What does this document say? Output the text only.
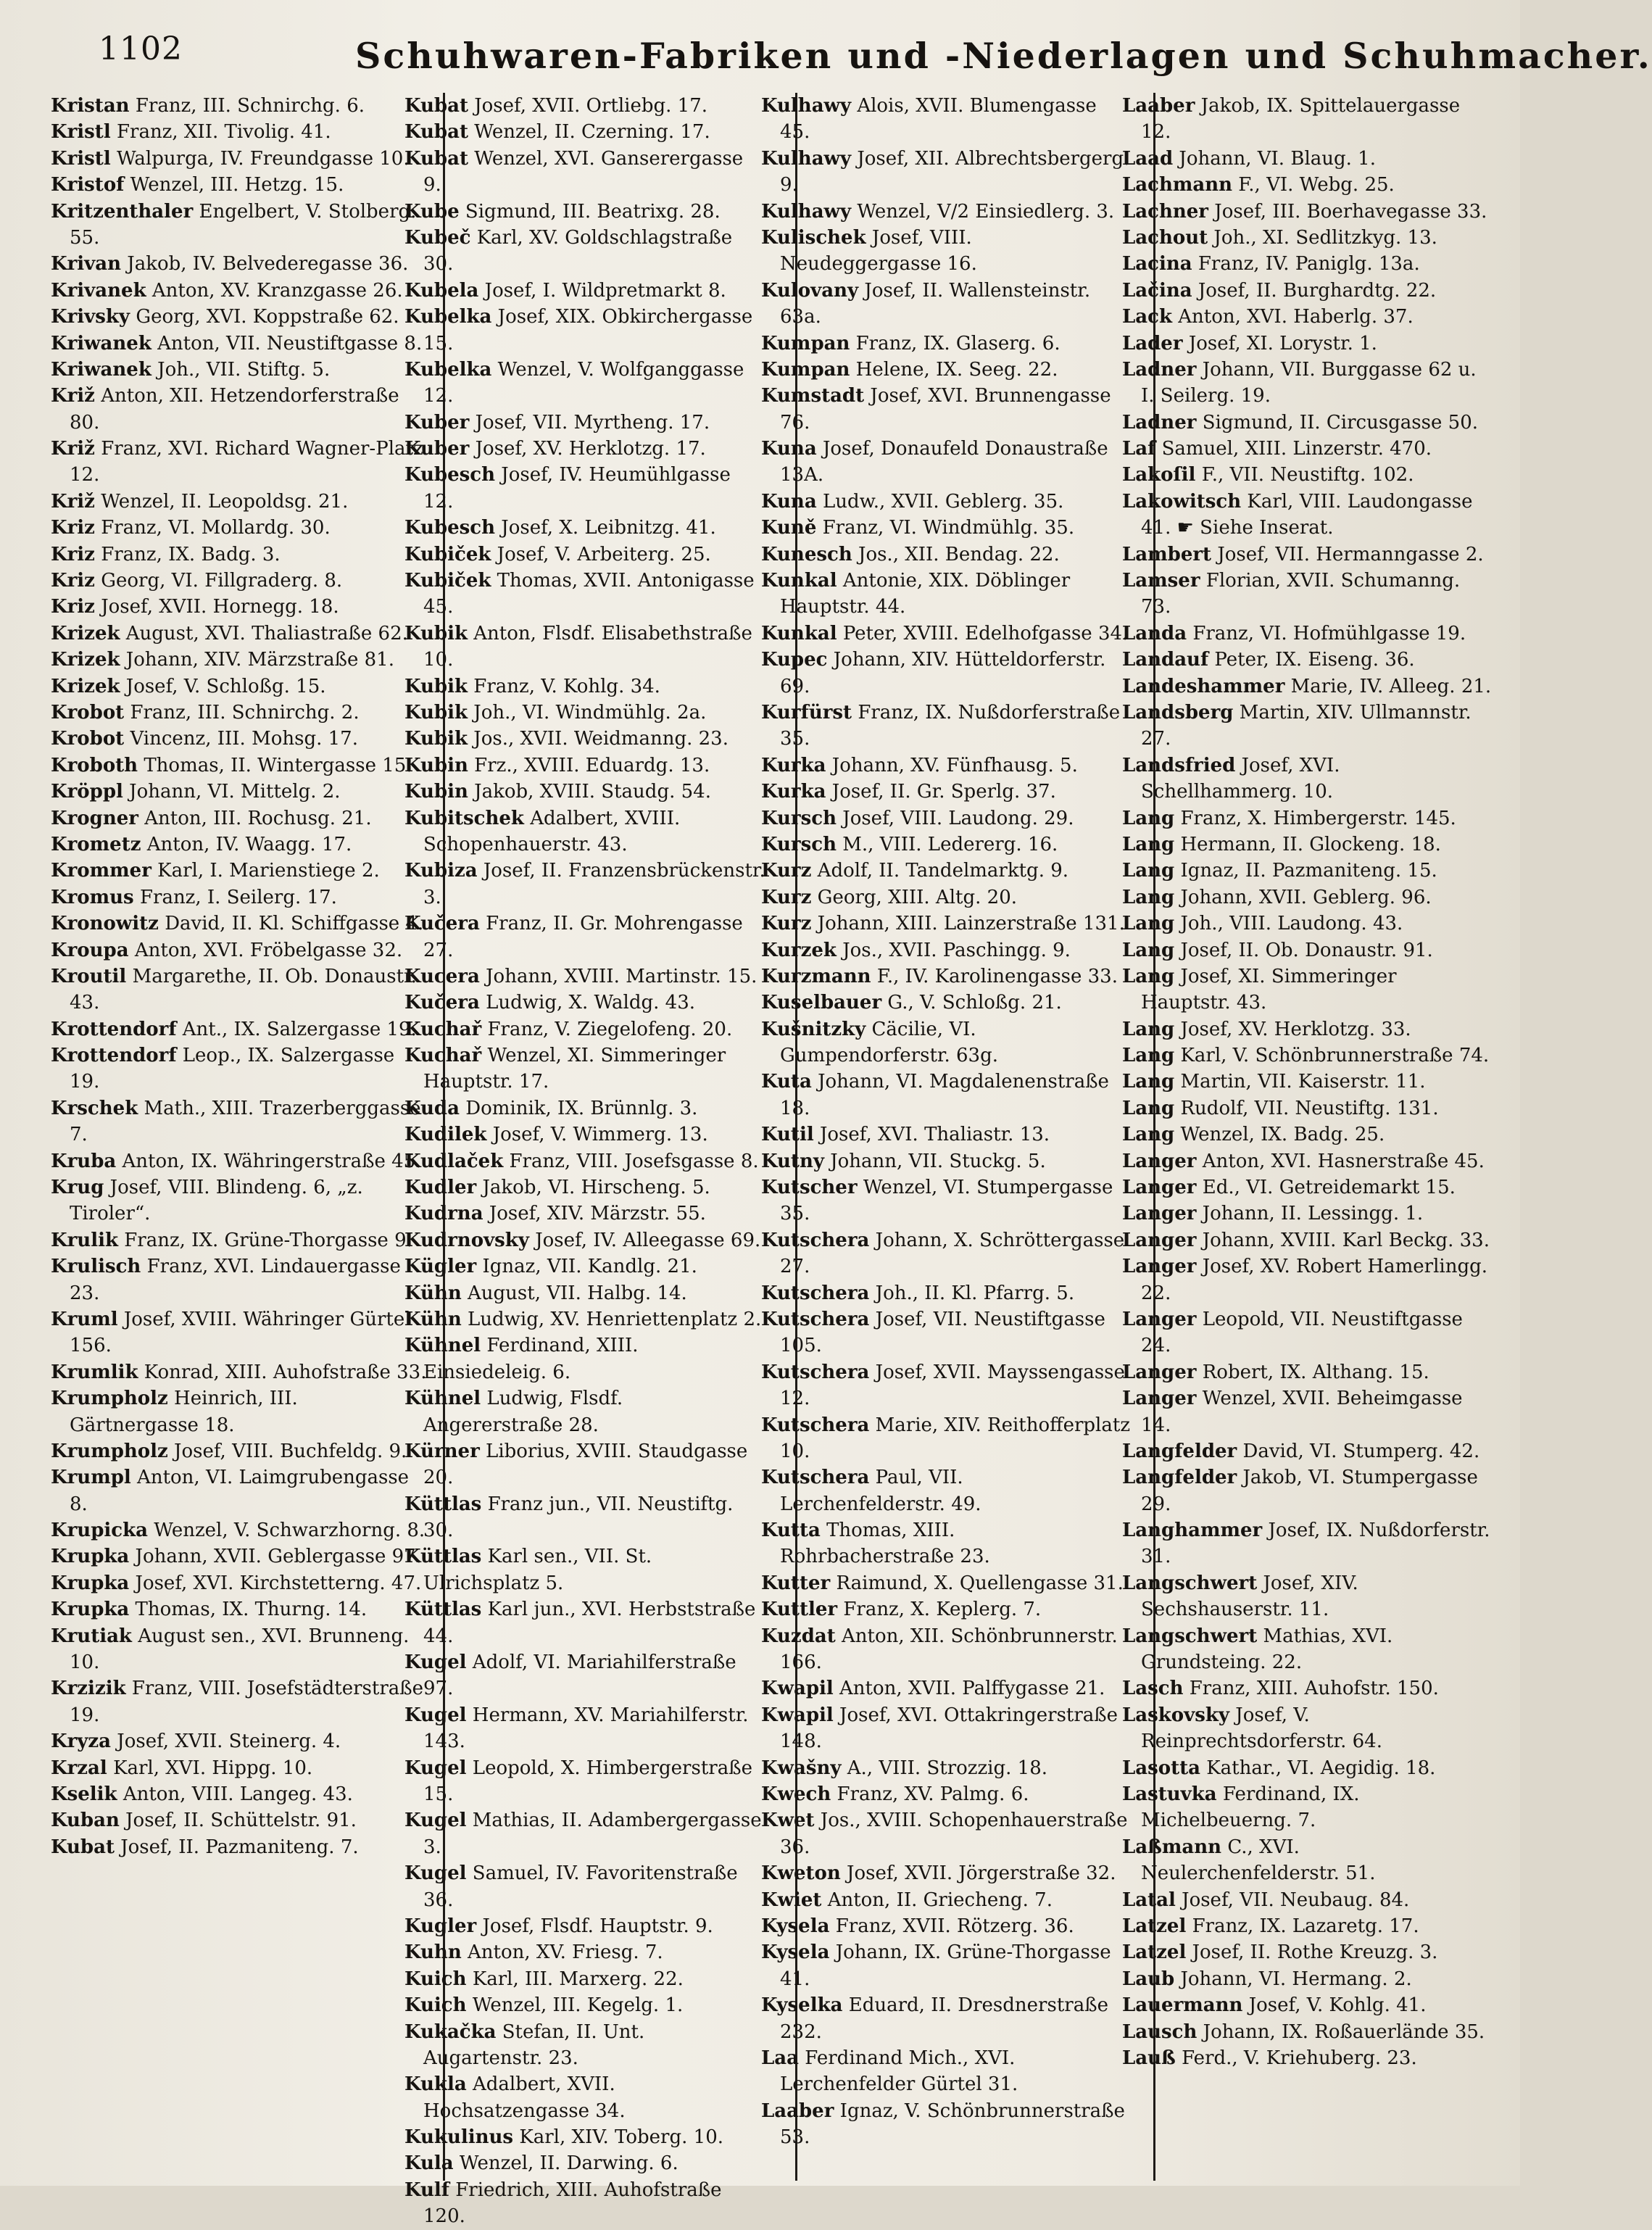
1102	Schuhwaren-Fabriken und -Niederlagen und Schuhmacher.
Kristan Franz, III. Schnirchg. 6.
Kristl Franz, XII. Tivolig. 41.
Kristl Walpurga, IV. Freundgasse 10.
Kristof Wenzel, III. Hetzg. 15.
Kritzenthaler Engelbert, V. Stolberg. 55.
Krivan Jakob, IV. Belvederegasse 36.
Krivanek Anton, XV. Kranzgasse 26.
Krivsky Georg, XVI. Koppstraße 62.
Kriwanek Anton, VII. Neustiftgasse 8.
Kriwanek Joh., VII. Stiftg. 5.
Križ Anton, XII. Hetzendorferstraße 80.
Križ Franz, XVI. Richard Wagner-Platz 12.
Križ Wenzel, II. Leopoldsg. 21.
Kriz Franz, VI. Mollardg. 30.
Kriz Franz, IX. Badg. 3.
Kriz Georg, VI. Fillgraderg. 8.
Kriz Josef, XVII. Hornegg. 18.
Krizek August, XVI. Thaliastraße 62.
Krizek Johann, XIV. Märzstraße 81.
Krizek Josef, V. Schloßg. 15.
Krobot Franz, III. Schnirchg. 2.
Krobot Vincenz, III. Mohsg. 17.
Kroboth Thomas, II. Wintergasse 15.
Kröppl Johann, VI. Mittelg. 2.
Krogner Anton, III. Rochusg. 21.
Krometz Anton, IV. Waagg. 17.
Krommer Karl, I. Marienstiege 2.
Kromus Franz, I. Seilerg. 17.
Kronowitz David, II. Kl. Schiffgasse 4.
Kroupa Anton, XVI. Fröbelgasse 32.
Kroutil Margarethe, II. Ob. Donaustr. 43.
Krottendorf Ant., IX. Salzergasse 19.
Krottendorf Leop., IX. Salzergasse 19.
Krschek Math., XIII. Trazerberggasse 7.
Kruba Anton, IX. Währingerstraße 45.
Krug Josef, VIII. Blindeng. 6, „z. Tiroler“.
Krulik Franz, IX. Grüne-Thorgasse 9.
Krulisch Franz, XVI. Lindauergasse 23.
Kruml Josef, XVIII. Währinger Gürtel 156.
Krumlik Konrad, XIII. Auhofstraße 33.
Krumpholz Heinrich, III. Gärtnergasse 18.
Krumpholz Josef, VIII. Buchfeldg. 9.
Krumpl Anton, VI. Laimgrubengasse 8.
Krupicka Wenzel, V. Schwarzhorng. 8.
Krupka Johann, XVII. Geblergasse 97.
Krupka Josef, XVI. Kirchstetterng. 47.
Krupka Thomas, IX. Thurng. 14.
Krutiak August sen., XVI. Brunneng. 10.
Krzizik Franz, VIII. Josefstädterstraße 19.
Kryza Josef, XVII. Steinerg. 4.
Krzal Karl, XVI. Hippg. 10.
Kselik Anton, VIII. Langeg. 43.
Kuban Josef, II. Schüttelstr. 91.
Kubat Josef, II. Pazmaniteng. 7.
Kubat Josef, XVII. Ortliebg. 17.
Kubat Wenzel, II. Czerning. 17.
Kubat Wenzel, XVI. Ganserergasse 9.
Kube Sigmund, III. Beatrixg. 28.
Kubeč Karl, XV. Goldschlagstraße 30.
Kubela Josef, I. Wildpretmarkt 8.
Kubelka Josef, XIX. Obkirchergasse 15.
Kubelka Wenzel, V. Wolfganggasse 12.
Kuber Josef, VII. Myrtheng. 17.
Kuber Josef, XV. Herklotzg. 17.
Kubesch Josef, IV. Heumühlgasse 12.
Kubesch Josef, X. Leibnitzg. 41.
Kubiček Josef, V. Arbeiterg. 25.
Kubiček Thomas, XVII. Antonigasse 45.
Kubik Anton, Flsdf. Elisabethstraße 10.
Kubik Franz, V. Kohlg. 34.
Kubik Joh., VI. Windmühlg. 2a.
Kubik Jos., XVII. Weidmanng. 23.
Kubin Frz., XVIII. Eduardg. 13.
Kubin Jakob, XVIII. Staudg. 54.
Kubitschek Adalbert, XVIII. Schopenhauerstr. 43.
Kubiza Josef, II. Franzensbrückenstr. 3.
Kučera Franz, II. Gr. Mohrengasse 27.
Kucera Johann, XVIII. Martinstr. 15.
Kučera Ludwig, X. Waldg. 43.
Kuchař Franz, V. Ziegelofeng. 20.
Kuchař Wenzel, XI. Simmeringer Hauptstr. 17.
Kuda Dominik, IX. Brünnlg. 3.
Kudilek Josef, V. Wimmerg. 13.
Kudlaček Franz, VIII. Josefsgasse 8.
Kudler Jakob, VI. Hirscheng. 5.
Kudrna Josef, XIV. Märzstr. 55.
Kudrnovsky Josef, IV. Alleegasse 69.
Kügler Ignaz, VII. Kandlg. 21.
Kühn August, VII. Halbg. 14.
Kühn Ludwig, XV. Henriettenplatz 2.
Kühnel Ferdinand, XIII. Einsiedeleig. 6.
Kühnel Ludwig, Flsdf. Angererstraße 28.
Kürner Liborius, XVIII. Staudgasse 20.
Küttlas Franz jun., VII. Neustiftg. 30.
Küttlas Karl sen., VII. St. Ulrichsplatz 5.
Küttlas Karl jun., XVI. Herbststraße 44.
Kugel Adolf, VI. Mariahilferstraße 97.
Kugel Hermann, XV. Mariahilferstr. 143.
Kugel Leopold, X. Himbergerstraße 15.
Kugel Mathias, II. Adambergergasse 3.
Kugel Samuel, IV. Favoritenstraße 36.
Kugler Josef, Flsdf. Hauptstr. 9.
Kuhn Anton, XV. Friesg. 7.
Kuich Karl, III. Marxerg. 22.
Kuich Wenzel, III. Kegelg. 1.
Kukačka Stefan, II. Unt. Augartenstr. 23.
Kukla Adalbert, XVII. Hochsatzengasse 34.
Kukulinus Karl, XIV. Toberg. 10.
Kula Wenzel, II. Darwing. 6.
Kulf Friedrich, XIII. Auhofstraße 120.
Kulhawy Alois, XVII. Blumengasse 45.
Kulhawy Josef, XII. Albrechtsbergerg. 9.
Kulhawy Wenzel, V/2 Einsiedlerg. 3.
Kulischek Josef, VIII. Neudeggergasse 16.
Kulovany Josef, II. Wallensteinstr. 63a.
Kumpan Franz, IX. Glaserg. 6.
Kumpan Helene, IX. Seeg. 22.
Kumstadt Josef, XVI. Brunnengasse 76.
Kuna Josef, Donaufeld Donaustraße 13A.
Kuna Ludw., XVII. Geblerg. 35.
Kuně Franz, VI. Windmühlg. 35.
Kunesch Jos., XII. Bendag. 22.
Kunkal Antonie, XIX. Döblinger Hauptstr. 44.
Kunkal Peter, XVIII. Edelhofgasse 34.
Kupec Johann, XIV. Hütteldorferstr. 69.
Kurfürst Franz, IX. Nußdorferstraße 35.
Kurka Johann, XV. Fünfhausg. 5.
Kurka Josef, II. Gr. Sperlg. 37.
Kursch Josef, VIII. Laudong. 29.
Kursch M., VIII. Ledererg. 16.
Kurz Adolf, II. Tandelmarktg. 9.
Kurz Georg, XIII. Altg. 20.
Kurz Johann, XIII. Lainzerstraße 131.
Kurzek Jos., XVII. Paschingg. 9.
Kurzmann F., IV. Karolinengasse 33.
Kuselbauer G., V. Schloßg. 21.
Kušnitzky Cäcilie, VI. Gumpendorferstr. 63g.
Kuta Johann, VI. Magdalenenstraße 18.
Kutil Josef, XVI. Thaliastr. 13.
Kutny Johann, VII. Stuckg. 5.
Kutscher Wenzel, VI. Stumpergasse 35.
Kutschera Johann, X. Schröttergasse 27.
Kutschera Joh., II. Kl. Pfarrg. 5.
Kutschera Josef, VII. Neustiftgasse 105.
Kutschera Josef, XVII. Mayssengasse 12.
Kutschera Marie, XIV. Reithofferplatz 10.
Kutschera Paul, VII. Lerchenfelderstr. 49.
Kutta Thomas, XIII. Rohrbacherstraße 23.
Kutter Raimund, X. Quellengasse 31.
Kuttler Franz, X. Keplerg. 7.
Kuzdat Anton, XII. Schönbrunnerstr. 166.
Kwapil Anton, XVII. Palffygasse 21.
Kwapil Josef, XVI. Ottakringerstraße 148.
Kwašny A., VIII. Strozzig. 18.
Kwech Franz, XV. Palmg. 6.
Kwet Jos., XVIII. Schopenhauerstraße 36.
Kweton Josef, XVII. Jörgerstraße 32.
Kwiet Anton, II. Griecheng. 7.
Kysela Franz, XVII. Rötzerg. 36.
Kysela Johann, IX. Grüne-Thorgasse 41.
Kyselka Eduard, II. Dresdnerstraße 232.
Laa Ferdinand Mich., XVI. Lerchenfelder Gürtel 31.
Laaber Ignaz, V. Schönbrunnerstraße 53.
Laaber Jakob, IX. Spittelauergasse 12.
Laad Johann, VI. Blaug. 1.
Lachmann F., VI. Webg. 25.
Lachner Josef, III. Boerhavegasse 33.
Lachout Joh., XI. Sedlitzkyg. 13.
Lacina Franz, IV. Paniglg. 13a.
Lačina Josef, II. Burghardtg. 22.
Lack Anton, XVI. Haberlg. 37.
Lader Josef, XI. Lorystr. 1.
Ladner Johann, VII. Burggasse 62 u. I. Seilerg. 19.
Ladner Sigmund, II. Circusgasse 50.
Laf Samuel, XIII. Linzerstr. 470.
Lakoſil F., VII. Neustiftg. 102.
Lakowitsch Karl, VIII. Laudongasse 41. ☛ Siehe Inserat.
Lambert Josef, VII. Hermanngasse 2.
Lamser Florian, XVII. Schumanng. 73.
Landa Franz, VI. Hofmühlgasse 19.
Landauf Peter, IX. Eiseng. 36.
Landeshammer Marie, IV. Alleeg. 21.
Landsberg Martin, XIV. Ullmannstr. 27.
Landsfried Josef, XVI. Schellhammerg. 10.
Lang Franz, X. Himbergerstr. 145.
Lang Hermann, II. Glockeng. 18.
Lang Ignaz, II. Pazmaniteng. 15.
Lang Johann, XVII. Geblerg. 96.
Lang Joh., VIII. Laudong. 43.
Lang Josef, II. Ob. Donaustr. 91.
Lang Josef, XI. Simmeringer Hauptstr. 43.
Lang Josef, XV. Herklotzg. 33.
Lang Karl, V. Schönbrunnerstraße 74.
Lang Martin, VII. Kaiserstr. 11.
Lang Rudolf, VII. Neustiftg. 131.
Lang Wenzel, IX. Badg. 25.
Langer Anton, XVI. Hasnerstraße 45.
Langer Ed., VI. Getreidemarkt 15.
Langer Johann, II. Lessingg. 1.
Langer Johann, XVIII. Karl Beckg. 33.
Langer Josef, XV. Robert Hamerlingg. 22.
Langer Leopold, VII. Neustiftgasse 24.
Langer Robert, IX. Althang. 15.
Langer Wenzel, XVII. Beheimgasse 14.
Langfelder David, VI. Stumperg. 42.
Langfelder Jakob, VI. Stumpergasse 29.
Langhammer Josef, IX. Nußdorferstr. 31.
Langschwert Josef, XIV. Sechshauserstr. 11.
Langschwert Mathias, XVI. Grundsteing. 22.
Lasch Franz, XIII. Auhofstr. 150.
Laskovsky Josef, V. Reinprechtsdorferstr. 64.
Lasotta Kathar., VI. Aegidig. 18.
Lastuvka Ferdinand, IX. Michelbeuerng. 7.
Laßmann C., XVI. Neulerchenfelderstr. 51.
Latal Josef, VII. Neubaug. 84.
Latzel Franz, IX. Lazaretg. 17.
Latzel Josef, II. Rothe Kreuzg. 3.
Laub Johann, VI. Hermang. 2.
Lauermann Josef, V. Kohlg. 41.
Lausch Johann, IX. Roßauerlände 35.
Lauß Ferd., V. Kriehuberg. 23.
